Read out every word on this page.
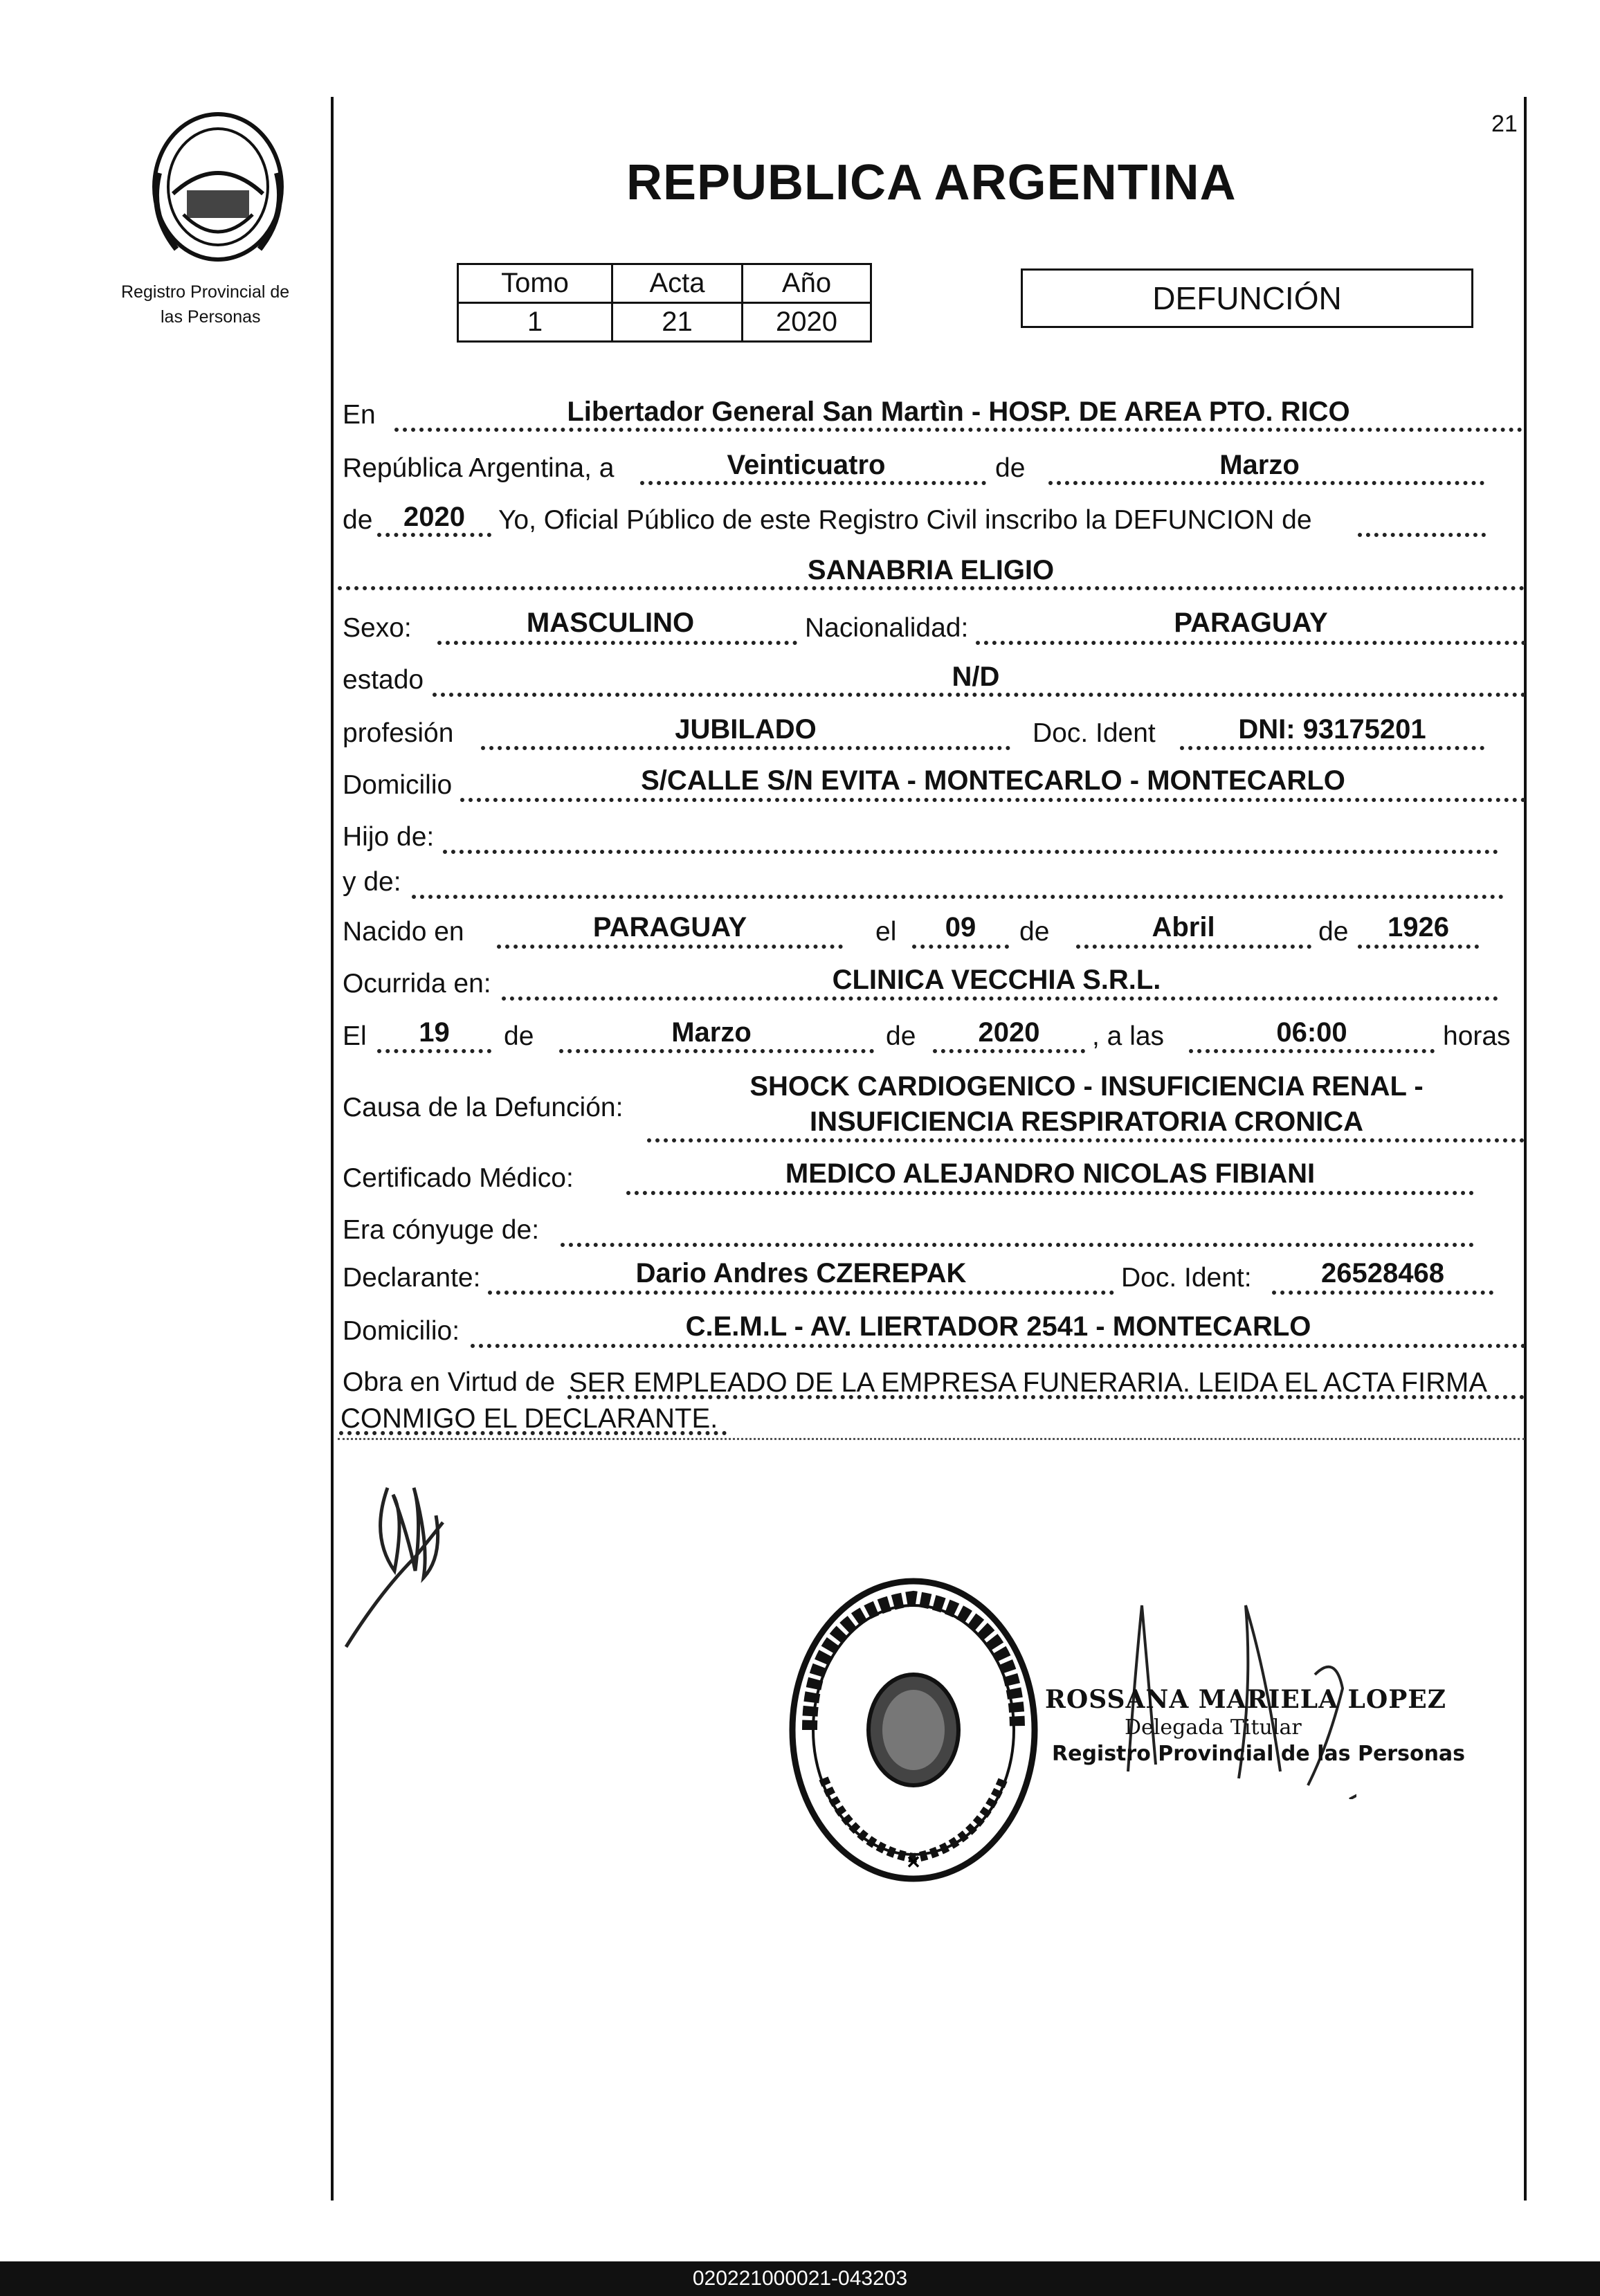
Registro Provincial de
las Personas
21
REPUBLICA ARGENTINA
Tomo	Acta	Año
1	21	2020
DEFUNCIÓN
En	Libertador General San Martìn - HOSP. DE AREA PTO. RICO
República Argentina, a	Veinticuatro	de	Marzo
de	2020	Yo, Oficial Público de este Registro Civil inscribo la DEFUNCION de
SANABRIA ELIGIO
Sexo:	MASCULINO	Nacionalidad:	PARAGUAY
estado	N/D
profesión	JUBILADO	Doc. Ident	DNI: 93175201
Domicilio	S/CALLE S/N EVITA - MONTECARLO - MONTECARLO
Hijo de:
y de:
Nacido en	PARAGUAY	el	09	de	Abril	de	1926
Ocurrida en:	CLINICA VECCHIA S.R.L.
El	19	de	Marzo	de	2020	, a las	06:00	horas
Causa de la Defunción:
SHOCK CARDIOGENICO - INSUFICIENCIA RENAL -
INSUFICIENCIA RESPIRATORIA CRONICA
Certificado Médico:	MEDICO ALEJANDRO NICOLAS FIBIANI
Era cónyuge de:
Declarante:	Dario Andres CZEREPAK	Doc. Ident:	26528468
Domicilio:	C.E.M.L - AV. LIERTADOR 2541 - MONTECARLO
Obra en Virtud de SER EMPLEADO DE LA EMPRESA FUNERARIA. LEIDA EL ACTA FIRMA
CONMIGO EL DECLARANTE.
✕
ROSSANA MARIELA LOPEZ
Delegada Titular
Registro Provincial de las Personas
020221000021-043203
